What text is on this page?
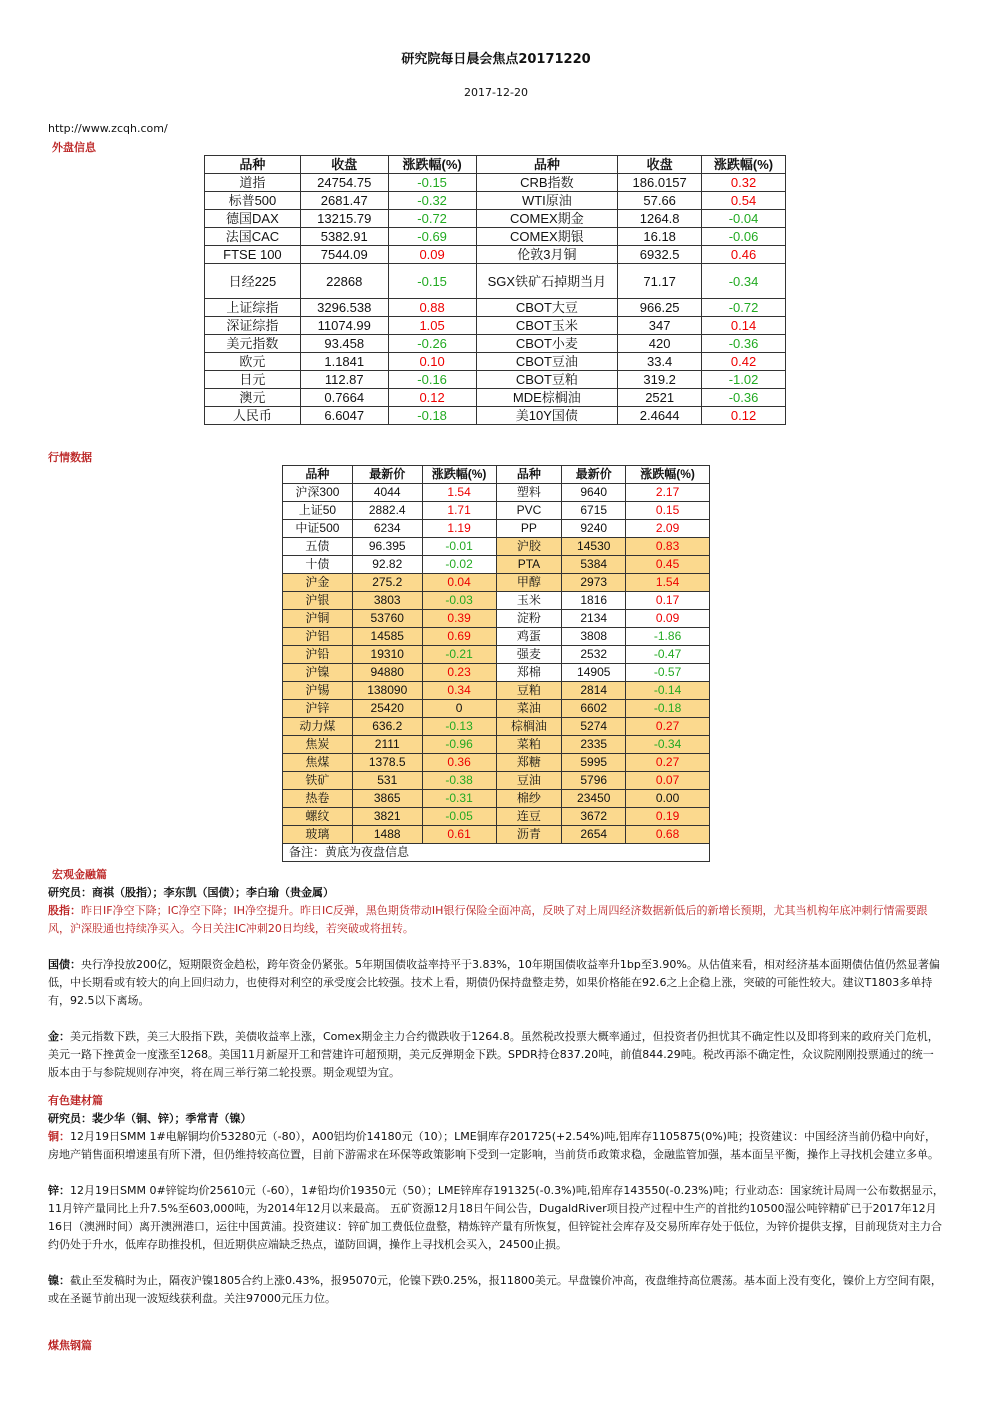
研究院每日晨会焦点20171220
2017-12-20
http://www.zcqh.com/
外盘信息
品种	收盘	涨跌幅(%)	品种	收盘	涨跌幅(%)
道指	24754.75	-0.15	CRB指数	186.0157	0.32
标普500	2681.47	-0.32	WTI原油	57.66	0.54
德国DAX	13215.79	-0.72	COMEX期金	1264.8	-0.04
法国CAC	5382.91	-0.69	COMEX期银	16.18	-0.06
FTSE 100	7544.09	0.09	伦敦3月铜	6932.5	0.46
日经225	22868	-0.15	SGX铁矿石掉期当月	71.17	-0.34
上证综指	3296.538	0.88	CBOT大豆	966.25	-0.72
深证综指	11074.99	1.05	CBOT玉米	347	0.14
美元指数	93.458	-0.26	CBOT小麦	420	-0.36
欧元	1.1841	0.10	CBOT豆油	33.4	0.42
日元	112.87	-0.16	CBOT豆粕	319.2	-1.02
澳元	0.7664	0.12	MDE棕榈油	2521	-0.36
人民币	6.6047	-0.18	美10Y国债	2.4644	0.12
行情数据
品种	最新价	涨跌幅(%)	品种	最新价	涨跌幅(%)
沪深300	4044	1.54	塑料	9640	2.17
上证50	2882.4	1.71	PVC	6715	0.15
中证500	6234	1.19	PP	9240	2.09
五债	96.395	-0.01	沪胶	14530	0.83
十债	92.82	-0.02	PTA	5384	0.45
沪金	275.2	0.04	甲醇	2973	1.54
沪银	3803	-0.03	玉米	1816	0.17
沪铜	53760	0.39	淀粉	2134	0.09
沪铝	14585	0.69	鸡蛋	3808	-1.86
沪铅	19310	-0.21	强麦	2532	-0.47
沪镍	94880	0.23	郑棉	14905	-0.57
沪锡	138090	0.34	豆粕	2814	-0.14
沪锌	25420	0	菜油	6602	-0.18
动力煤	636.2	-0.13	棕榈油	5274	0.27
焦炭	2111	-0.96	菜粕	2335	-0.34
焦煤	1378.5	0.36	郑糖	5995	0.27
铁矿	531	-0.38	豆油	5796	0.07
热卷	3865	-0.31	棉纱	23450	0.00
螺纹	3821	-0.05	连豆	3672	0.19
玻璃	1488	0.61	沥青	2654	0.68
备注：黄底为夜盘信息					

宏观金融篇

研究员：商祺（股指）；李东凯（国债）；李白瑜（贵金属）

股指：昨日IF净空下降；IC净空下降；IH净空提升。昨日IC反弹，黑色期货带动IH银行保险全面冲高，反映了对上周四经济数据新低后的新增长预期，尤其当机构年底冲刺行情需要跟风，沪深股通也持续净买入。今日关注IC冲刺20日均线，若突破或将扭转。

国债：央行净投放200亿，短期限资金趋松，跨年资金仍紧张。5年期国债收益率持平于3.83%，10年期国债收益率升1bp至3.90%。从估值来看，相对经济基本面期债估值仍然显著偏低，中长期看或有较大的向上回归动力，也使得对利空的承受度会比较强。技术上看，期债仍保持盘整走势，如果价格能在92.6之上企稳上涨，突破的可能性较大。建议T1803多单持有，92.5以下离场。

金：美元指数下跌，美三大股指下跌，美债收益率上涨，Comex期金主力合约微跌收于1264.8。虽然税改投票大概率通过，但投资者仍担忧其不确定性以及即将到来的政府关门危机，美元一路下挫黄金一度涨至1268。美国11月新屋开工和营建许可超预期，美元反弹期金下跌。SPDR持仓837.20吨，前值844.29吨。税改再添不确定性，众议院刚刚投票通过的统一版本由于与参院规则存冲突，将在周三举行第二轮投票。期金观望为宜。

有色建材篇

研究员：裴少华（铜、锌）；季常青（镍）

铜：12月19日SMM 1#电解铜均价53280元（-80），A00铝均价14180元（10）；LME铜库存201725(+2.54%)吨,铝库存1105875(0%)吨；投资建议：中国经济当前仍稳中向好，房地产销售面积增速虽有所下滑，但仍维持较高位置，目前下游需求在环保等政策影响下受到一定影响，当前货币政策求稳，金融监管加强，基本面呈平衡，操作上寻找机会建立多单。

锌：12月19日SMM 0#锌锭均价25610元（-60），1#铅均价19350元（50）；LME锌库存191325(-0.3%)吨,铅库存143550(-0.23%)吨；行业动态：国家统计局周一公布数据显示，11月锌产量同比上升7.5%至603,000吨，为2014年12月以来最高。 五矿资源12月18日午间公告，DugaldRiver项目投产过程中生产的首批约10500湿公吨锌精矿已于2017年12月16日（澳洲时间）离开澳洲港口，运往中国黄浦。投资建议：锌矿加工费低位盘整，精炼锌产量有所恢复，但锌锭社会库存及交易所库存处于低位，为锌价提供支撑，目前现货对主力合约仍处于升水，低库存助推投机，但近期供应端缺乏热点，谨防回调，操作上寻找机会买入，24500止损。

镍：截止至发稿时为止，隔夜沪镍1805合约上涨0.43%，报95070元，伦镍下跌0.25%，报11800美元。早盘镍价冲高，夜盘维持高位震荡。基本面上没有变化，镍价上方空间有限，或在圣诞节前出现一波短线获利盘。关注97000元压力位。

煤焦钢篇
